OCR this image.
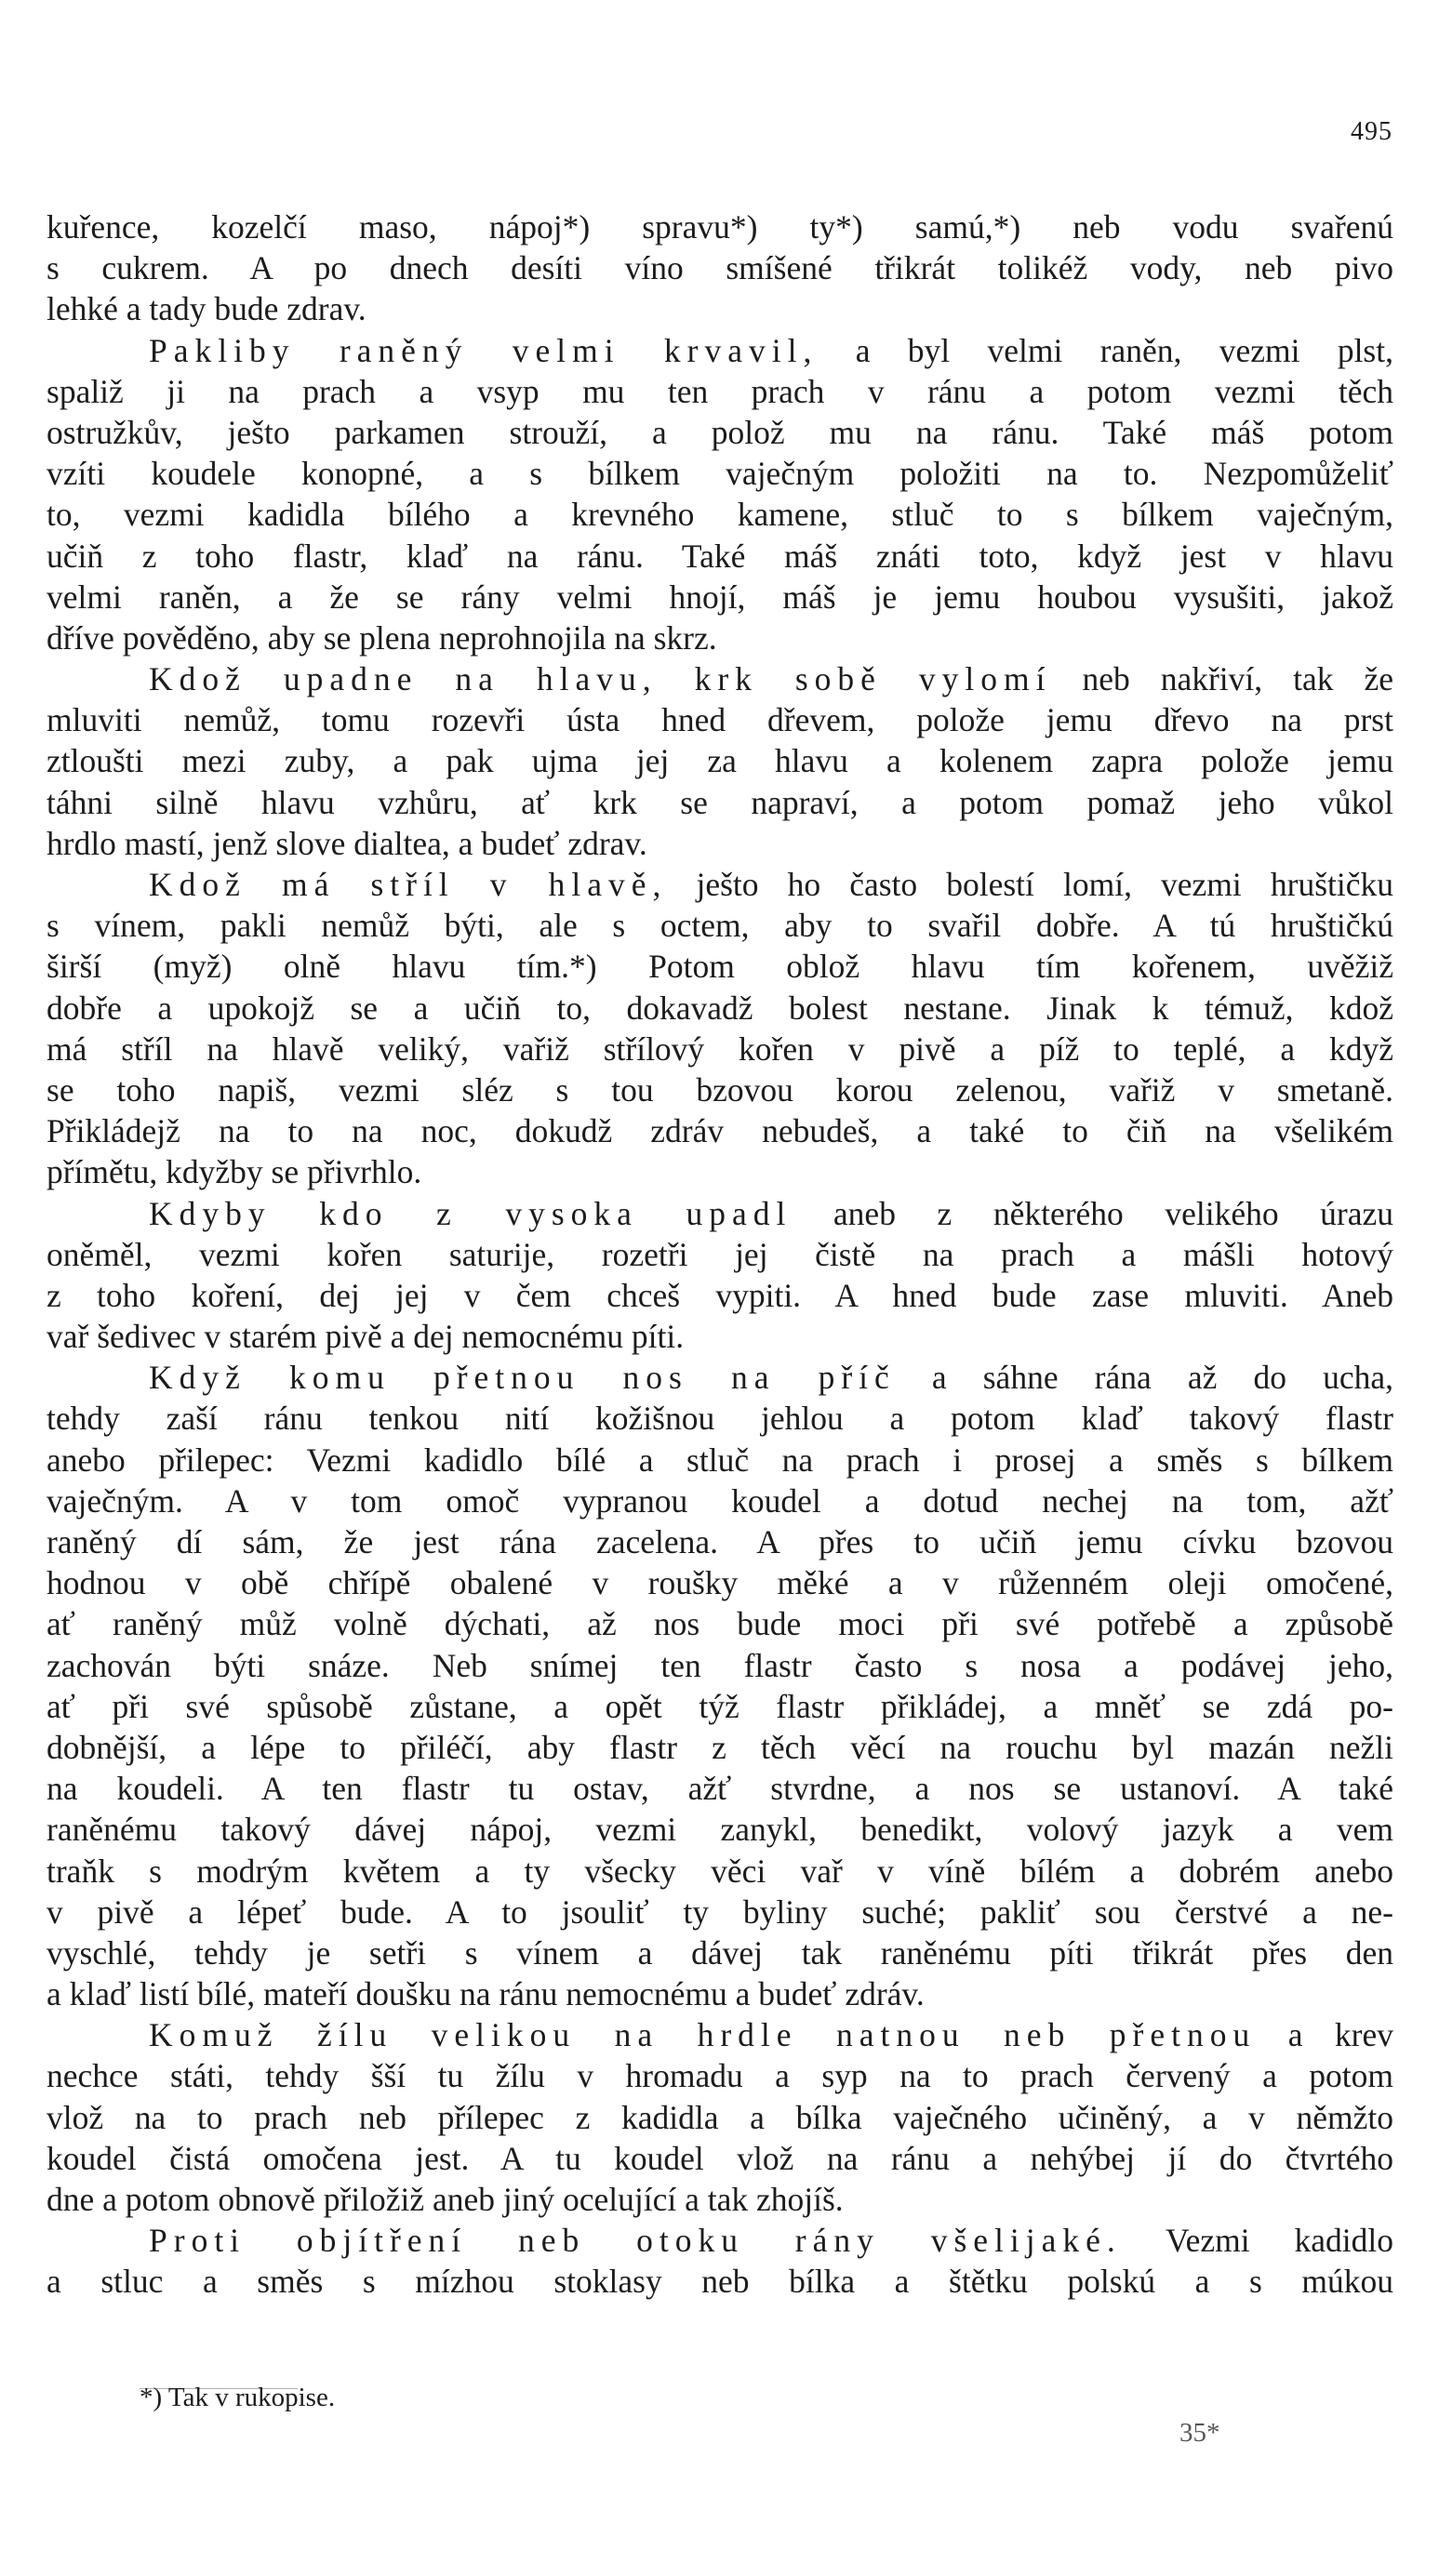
495
kuřence, kozelčí maso, nápoj*) spravu*) ty*) samú,*) neb vodu svařenú
s cukrem. A po dnech desíti víno smíšené třikrát tolikéž vody, neb pivo
lehké a tady bude zdrav.
Pakliby raněný velmi krvavil, a byl velmi raněn, vezmi plst,
spaliž ji na prach a vsyp mu ten prach v ránu a potom vezmi těch
ostružkův, ješto parkamen strouží, a polož mu na ránu. Také máš potom
vzíti koudele konopné, a s bílkem vaječným položiti na to. Nezpomůželiť
to, vezmi kadidla bílého a krevného kamene, stluč to s bílkem vaječným,
učiň z toho flastr, klaď na ránu. Také máš znáti toto, když jest v hlavu
velmi raněn, a že se rány velmi hnojí, máš je jemu houbou vysušiti, jakož
dříve pověděno, aby se plena neprohnojila na skrz.
Kdož upadne na hlavu, krk sobě vylomí neb nakřiví, tak že
mluviti nemůž, tomu rozevři ústa hned dřevem, polože jemu dřevo na prst
ztloušti mezi zuby, a pak ujma jej za hlavu a kolenem zapra polože jemu
táhni silně hlavu vzhůru, ať krk se napraví, a potom pomaž jeho vůkol
hrdlo mastí, jenž slove dialtea, a budeť zdrav.
Kdož má stříl v hlavě, ješto ho často bolestí lomí, vezmi hruštičku
s vínem, pakli nemůž býti, ale s octem, aby to svařil dobře. A tú hruštičkú
širší (myž) olně hlavu tím.*) Potom oblož hlavu tím kořenem, uvěžiž
dobře a upokojž se a učiň to, dokavadž bolest nestane. Jinak k témuž, kdož
má stříl na hlavě veliký, vařiž střílový kořen v pivě a píž to teplé, a když
se toho napiš, vezmi sléz s tou bzovou korou zelenou, vařiž v smetaně.
Přikládejž na to na noc, dokudž zdráv nebudeš, a také to čiň na všelikém
přímětu, kdyžby se přivrhlo.
Kdyby kdo z vysoka upadl aneb z některého velikého úrazu
oněměl, vezmi kořen saturije, rozetři jej čistě na prach a mášli hotový
z toho koření, dej jej v čem chceš vypiti. A hned bude zase mluviti. Aneb
vař šedivec v starém pivě a dej nemocnému píti.
Když komu přetnou nos na příč a sáhne rána až do ucha,
tehdy zaší ránu tenkou nití kožišnou jehlou a potom klaď takový flastr
anebo přilepec: Vezmi kadidlo bílé a stluč na prach i prosej a směs s bílkem
vaječným. A v tom omoč vypranou koudel a dotud nechej na tom, ažť
raněný dí sám, že jest rána zacelena. A přes to učiň jemu cívku bzovou
hodnou v obě chřípě obalené v roušky měké a v růženném oleji omočené,
ať raněný můž volně dýchati, až nos bude moci při své potřebě a způsobě
zachován býti snáze. Neb snímej ten flastr často s nosa a podávej jeho,
ať při své spůsobě zůstane, a opět týž flastr přikládej, a mněť se zdá po-
dobnější, a lépe to přiléčí, aby flastr z těch věcí na rouchu byl mazán nežli
na koudeli. A ten flastr tu ostav, ažť stvrdne, a nos se ustanoví. A také
raněnému takový dávej nápoj, vezmi zanykl, benedikt, volový jazyk a vem
traňk s modrým květem a ty všecky věci vař v víně bílém a dobrém anebo
v pivě a lépeť bude. A to jsouliť ty byliny suché; pakliť sou čerstvé a ne-
vyschlé, tehdy je setři s vínem a dávej tak raněnému píti třikrát přes den
a klaď listí bílé, mateří doušku na ránu nemocnému a budeť zdráv.
Komuž žílu velikou na hrdle natnou neb přetnou a krev
nechce státi, tehdy šší tu žílu v hromadu a syp na to prach červený a potom
vlož na to prach neb přílepec z kadidla a bílka vaječného učiněný, a v němžto
koudel čistá omočena jest. A tu koudel vlož na ránu a nehýbej jí do čtvrtého
dne a potom obnově přiložiž aneb jiný ocelující a tak zhojíš.
Proti objítření neb otoku rány všelijaké. Vezmi kadidlo
a stluc a směs s mízhou stoklasy neb bílka a štětku polskú a s múkou
*) Tak v rukopise.
35*
